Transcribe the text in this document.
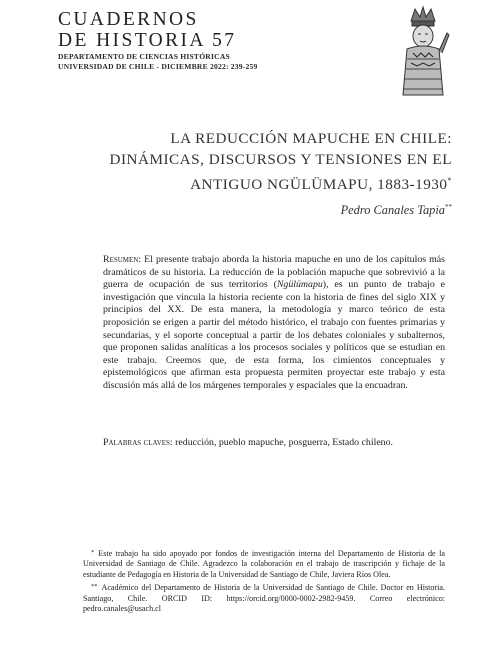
CUADERNOS
DE HISTORIA 57
DEPARTAMENTO DE CIENCIAS HISTÓRICAS
UNIVERSIDAD DE CHILE - DICIEMBRE 2022: 239-259
LA REDUCCIÓN MAPUCHE EN CHILE:
DINÁMICAS, DISCURSOS Y TENSIONES EN EL
ANTIGUO NGÜLÜMAPU, 1883-1930*
Pedro Canales Tapia**
Resumen: El presente trabajo aborda la historia mapuche en uno de los capítulos más dramáticos de su historia. La reducción de la población mapuche que sobrevivió a la guerra de ocupación de sus territorios (Ngülümapu), es un punto de trabajo e investigación que vincula la historia reciente con la historia de fines del siglo XIX y principios del XX. De esta manera, la metodología y marco teórico de esta proposición se erigen a partir del método histórico, el trabajo con fuentes primarias y secundarias, y el soporte conceptual a partir de los debates coloniales y subalternos, que proponen salidas analíticas a los procesos sociales y políticos que se estudian en este trabajo. Creemos que, de esta forma, los cimientos conceptuales y epistemológicos que afirman esta propuesta permiten proyectar este trabajo y esta discusión más allá de los márgenes temporales y espaciales que la encuadran.
Palabras claves: reducción, pueblo mapuche, posguerra, Estado chileno.

* Este trabajo ha sido apoyado por fondos de investigación interna del Departamento de Historia de la Universidad de Santiago de Chile. Agradezco la colaboración en el trabajo de trascripción y fichaje de la estudiante de Pedagogía en Historia de la Universidad de Santiago de Chile, Javiera Ríos Olea.

** Académico del Departamento de Historia de la Universidad de Santiago de Chile. Doctor en Historia. Santiago, Chile. ORCID ID: https://orcid.org/0000-0002-2982-9459. Correo electrónico: pedro.canales@usach.cl
